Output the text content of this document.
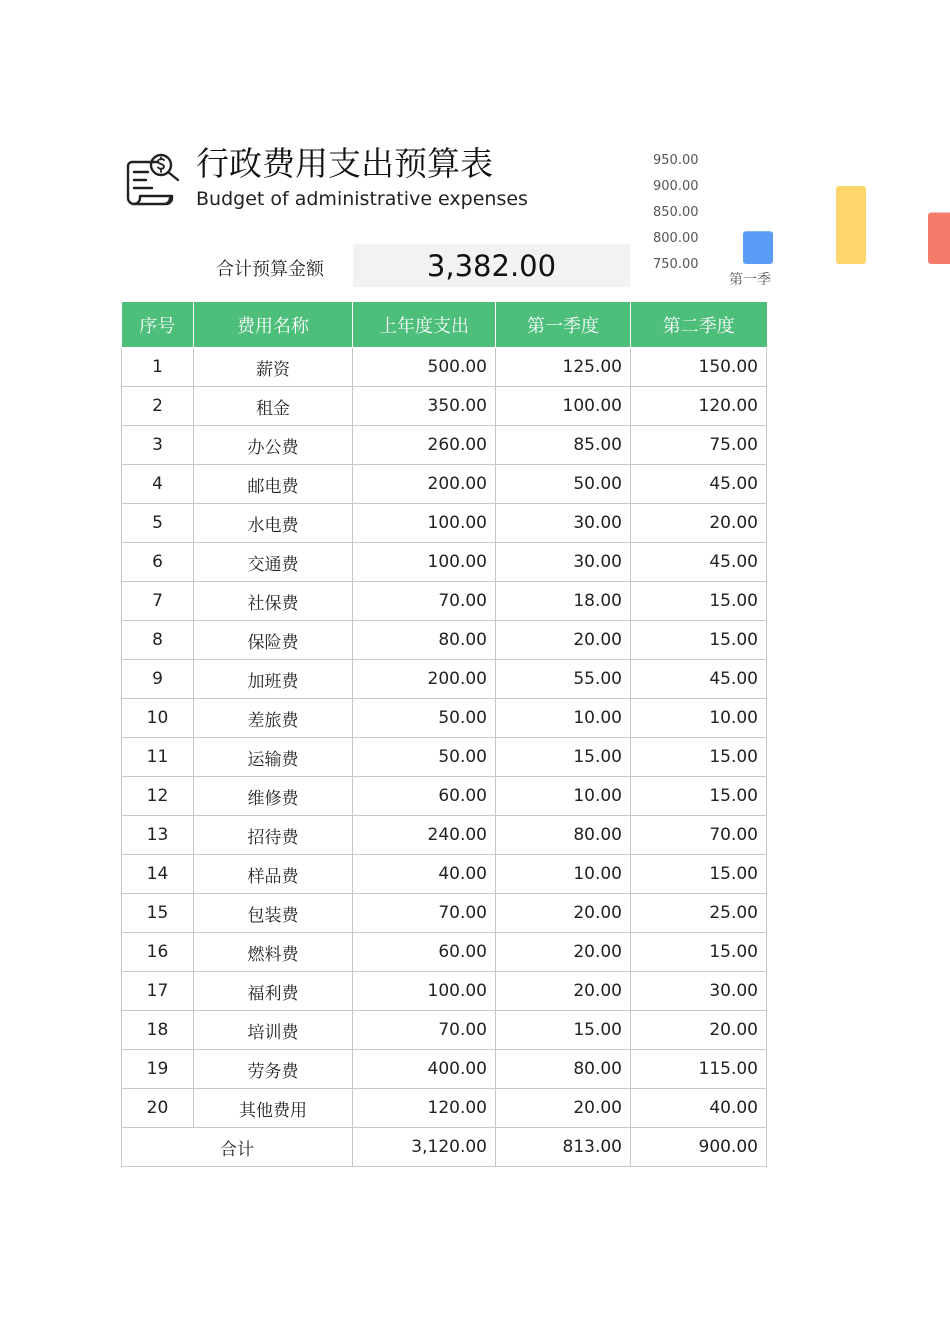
行政费用支出预算表
Budget of administrative expenses
合计预算金额	3,382.00
950.00
900.00
850.00
800.00
750.00
第一季
序号	费用名称	上年度支出	第一季度	第二季度
1	薪资	500.00	125.00	150.00
2	租金	350.00	100.00	120.00
3	办公费	260.00	85.00	75.00
4	邮电费	200.00	50.00	45.00
5	水电费	100.00	30.00	20.00
6	交通费	100.00	30.00	45.00
7	社保费	70.00	18.00	15.00
8	保险费	80.00	20.00	15.00
9	加班费	200.00	55.00	45.00
10	差旅费	50.00	10.00	10.00
11	运输费	50.00	15.00	15.00
12	维修费	60.00	10.00	15.00
13	招待费	240.00	80.00	70.00
14	样品费	40.00	10.00	15.00
15	包装费	70.00	20.00	25.00
16	燃料费	60.00	20.00	15.00
17	福利费	100.00	20.00	30.00
18	培训费	70.00	15.00	20.00
19	劳务费	400.00	80.00	115.00
20	其他费用	120.00	20.00	40.00
合计		3,120.00	813.00	900.00
